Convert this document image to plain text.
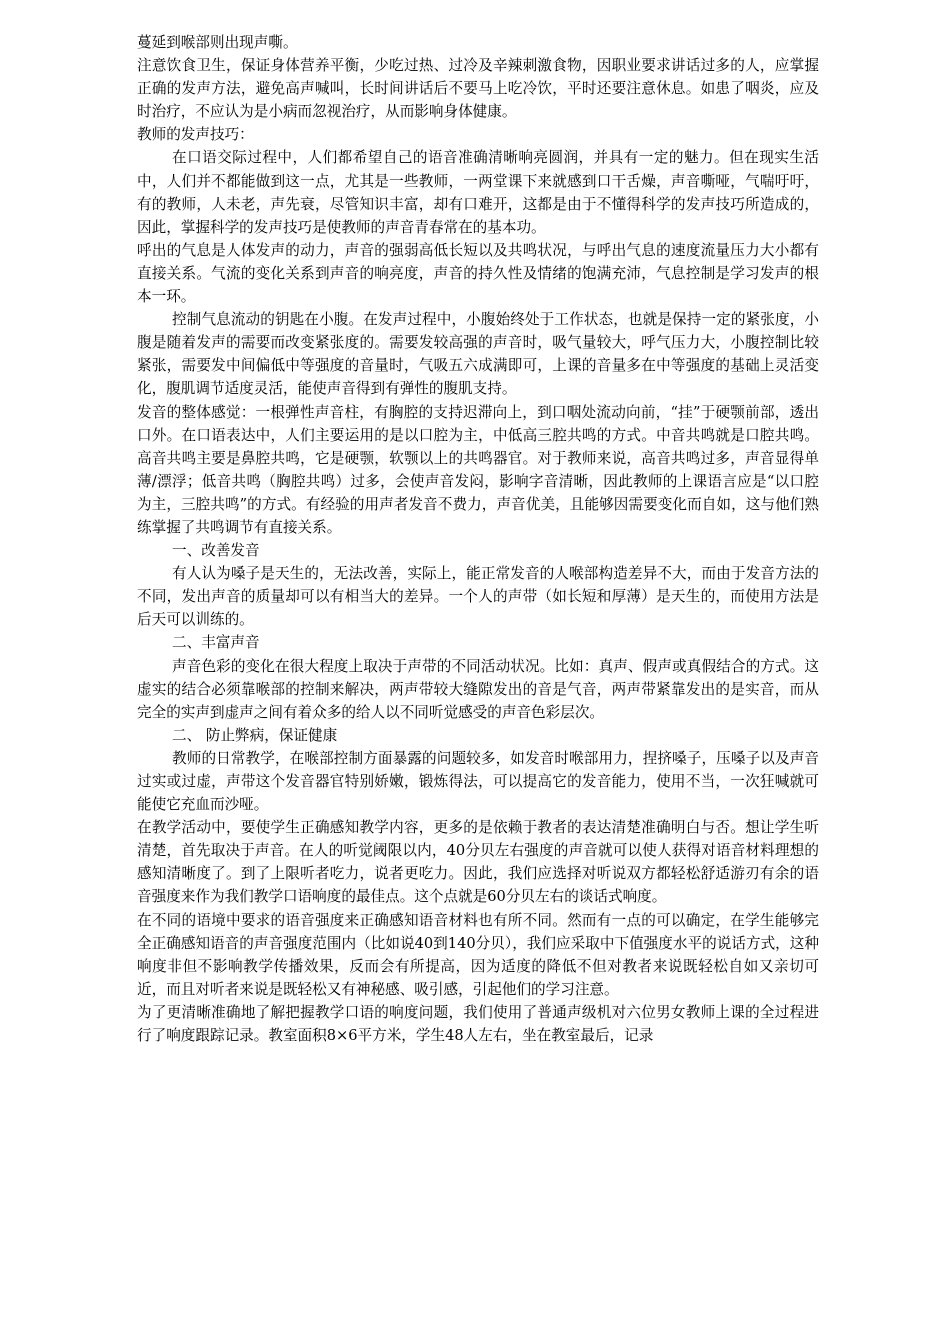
蔓延到喉部则出现声嘶。

注意饮食卫生，保证身体营养平衡，少吃过热、过冷及辛辣刺激食物，因职业要求讲话过多的人，应掌握正确的发声方法，避免高声喊叫，长时间讲话后不要马上吃冷饮，平时还要注意休息。如患了咽炎，应及时治疗，不应认为是小病而忽视治疗，从而影响身体健康。

教师的发声技巧：

在口语交际过程中，人们都希望自己的语音准确清晰响亮圆润，并具有一定的魅力。但在现实生活中，人们并不都能做到这一点，尤其是一些教师，一两堂课下来就感到口干舌燥，声音嘶哑，气喘吁吁，有的教师，人未老，声先衰，尽管知识丰富，却有口难开，这都是由于不懂得科学的发声技巧所造成的，因此，掌握科学的发声技巧是使教师的声音青春常在的基本功。

呼出的气息是人体发声的动力，声音的强弱高低长短以及共鸣状况，与呼出气息的速度流量压力大小都有直接关系。气流的变化关系到声音的响亮度，声音的持久性及情绪的饱满充沛，气息控制是学习发声的根本一环。

控制气息流动的钥匙在小腹。在发声过程中，小腹始终处于工作状态，也就是保持一定的紧张度，小腹是随着发声的需要而改变紧张度的。需要发较高强的声音时，吸气量较大，呼气压力大，小腹控制比较紧张，需要发中间偏低中等强度的音量时，气吸五六成满即可，上课的音量多在中等强度的基础上灵活变化，腹肌调节适度灵活，能使声音得到有弹性的腹肌支持。

发音的整体感觉：一根弹性声音柱，有胸腔的支持迟滞向上，到口咽处流动向前，“挂”于硬颚前部，透出口外。在口语表达中，人们主要运用的是以口腔为主，中低高三腔共鸣的方式。中音共鸣就是口腔共鸣。高音共鸣主要是鼻腔共鸣，它是硬颚，软颚以上的共鸣器官。对于教师来说，高音共鸣过多，声音显得单薄/漂浮；低音共鸣（胸腔共鸣）过多，会使声音发闷，影响字音清晰，因此教师的上课语言应是“以口腔为主，三腔共鸣”的方式。有经验的用声者发音不费力，声音优美，且能够因需要变化而自如，这与他们熟练掌握了共鸣调节有直接关系。

一、改善发音

有人认为嗓子是天生的，无法改善，实际上，能正常发音的人喉部构造差异不大，而由于发音方法的不同，发出声音的质量却可以有相当大的差异。一个人的声带（如长短和厚薄）是天生的，而使用方法是后天可以训练的。

二、丰富声音

声音色彩的变化在很大程度上取决于声带的不同活动状况。比如：真声、假声或真假结合的方式。这虚实的结合必须靠喉部的控制来解决，两声带较大缝隙发出的音是气音，两声带紧靠发出的是实音，而从完全的实声到虚声之间有着众多的给人以不同听觉感受的声音色彩层次。

二、 防止弊病，保证健康

教师的日常教学，在喉部控制方面暴露的问题较多，如发音时喉部用力，捏挤嗓子，压嗓子以及声音过实或过虚，声带这个发音器官特别娇嫩，锻炼得法，可以提高它的发音能力，使用不当，一次狂喊就可能使它充血而沙哑。

在教学活动中，要使学生正确感知教学内容，更多的是依赖于教者的表达清楚准确明白与否。想让学生听清楚，首先取决于声音。在人的听觉阈限以内，40分贝左右强度的声音就可以使人获得对语音材料理想的感知清晰度了。到了上限听者吃力，说者更吃力。因此，我们应选择对听说双方都轻松舒适游刃有余的语音强度来作为我们教学口语响度的最佳点。这个点就是60分贝左右的谈话式响度。

在不同的语境中要求的语音强度来正确感知语音材料也有所不同。然而有一点的可以确定，在学生能够完全正确感知语音的声音强度范围内（比如说40到140分贝），我们应采取中下值强度水平的说话方式，这种响度非但不影响教学传播效果，反而会有所提高，因为适度的降低不但对教者来说既轻松自如又亲切可近，而且对听者来说是既轻松又有神秘感、吸引感，引起他们的学习注意。

为了更清晰准确地了解把握教学口语的响度问题，我们使用了普通声级机对六位男女教师上课的全过程进行了响度跟踪记录。教室面积8×6平方米，学生48人左右，坐在教室最后，记录
